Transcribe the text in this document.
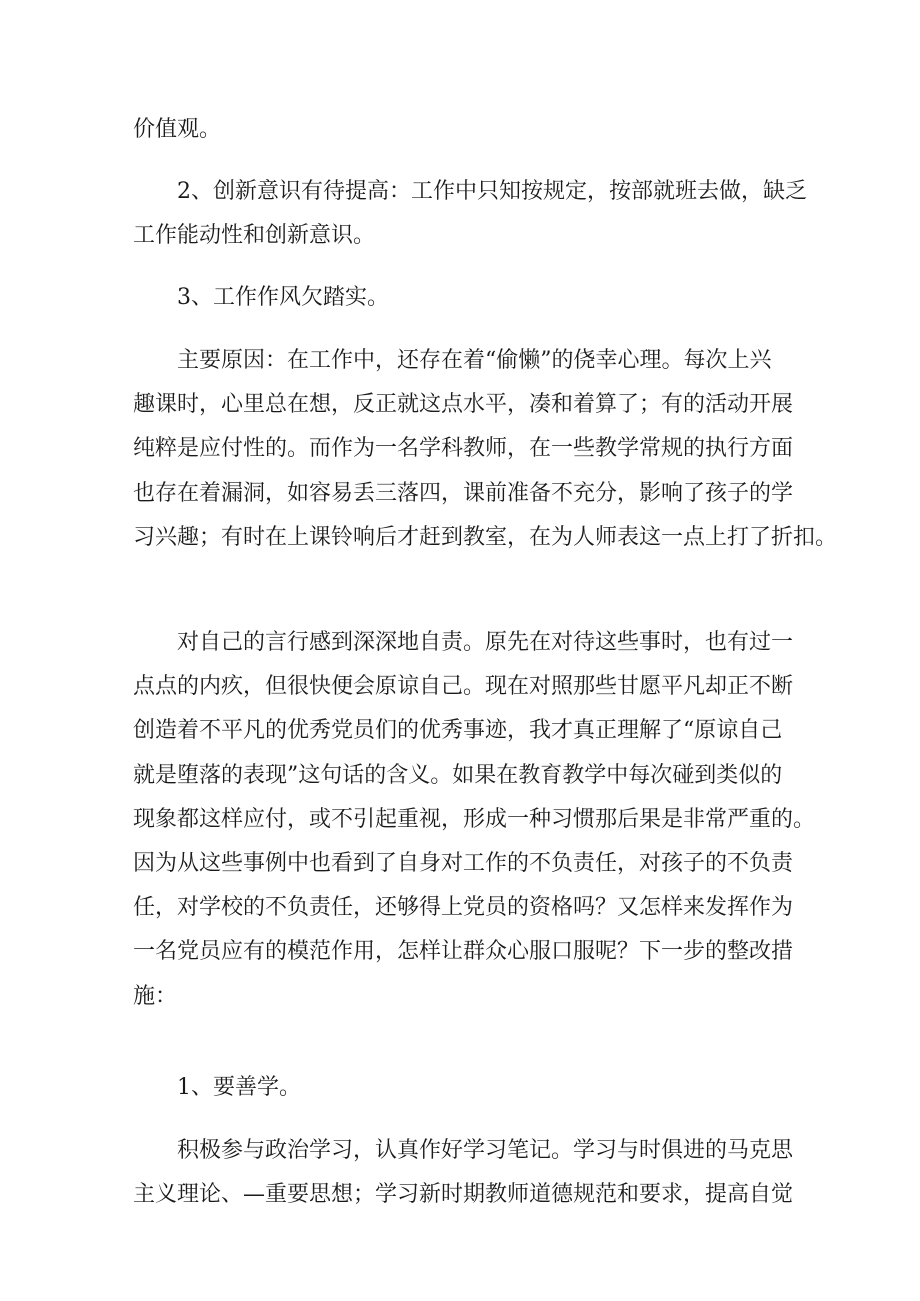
价值观。

2、创新意识有待提高：工作中只知按规定，按部就班去做，缺乏
工作能动性和创新意识。

3、工作作风欠踏实。

主要原因：在工作中，还存在着“偷懒”的侥幸心理。每次上兴
趣课时，心里总在想，反正就这点水平，凑和着算了；有的活动开展
纯粹是应付性的。而作为一名学科教师，在一些教学常规的执行方面
也存在着漏洞，如容易丢三落四，课前准备不充分，影响了孩子的学
习兴趣；有时在上课铃响后才赶到教室，在为人师表这一点上打了折扣。

对自己的言行感到深深地自责。原先在对待这些事时，也有过一
点点的内疚，但很快便会原谅自己。现在对照那些甘愿平凡却正不断
创造着不平凡的优秀党员们的优秀事迹，我才真正理解了“原谅自己
就是堕落的表现”这句话的含义。如果在教育教学中每次碰到类似的
现象都这样应付，或不引起重视，形成一种习惯那后果是非常严重的。
因为从这些事例中也看到了自身对工作的不负责任，对孩子的不负责
任，对学校的不负责任，还够得上党员的资格吗？又怎样来发挥作为
一名党员应有的模范作用，怎样让群众心服口服呢？下一步的整改措
施：

1、要善学。

积极参与政治学习，认真作好学习笔记。学习与时俱进的马克思
主义理论、—重要思想；学习新时期教师道德规范和要求，提高自觉
